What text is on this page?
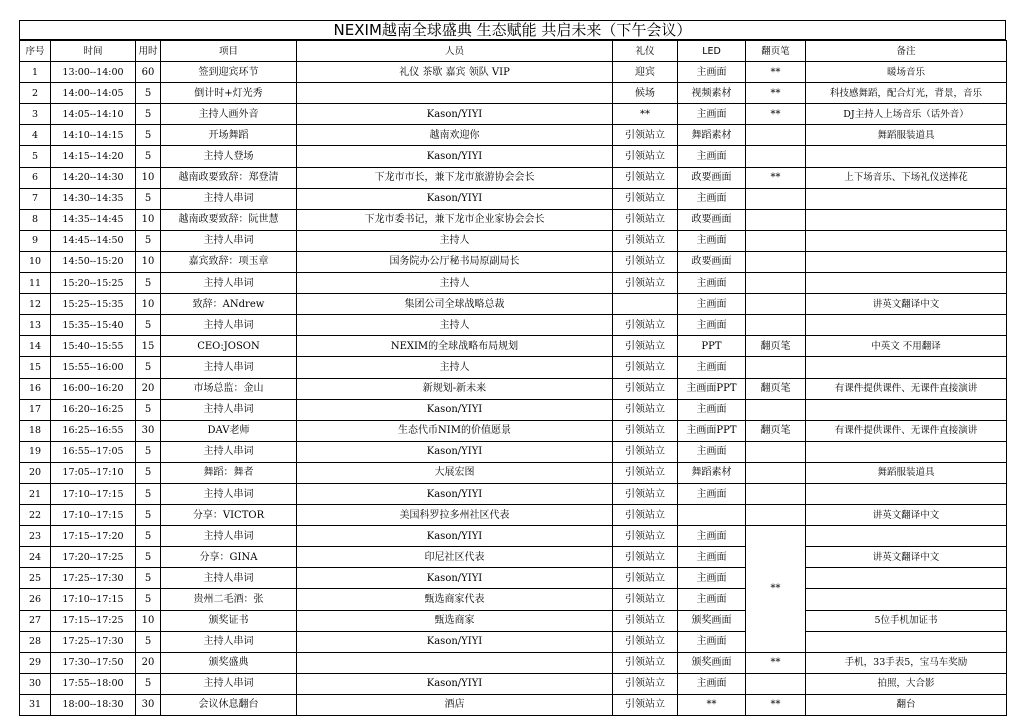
NEXIM越南全球盛典 生态赋能 共启未来（下午会议）
序号	时间	用时	项目	人员	礼仪	LED	翻页笔	备注
1	13:00--14:00	60	签到迎宾环节	礼仪 茶歇 嘉宾 领队 VIP	迎宾	主画面	**	暖场音乐
2	14:00--14:05	5	倒计时+灯光秀		候场	视频素材	**	科技感舞蹈，配合灯光，背景，音乐
3	14:05--14:10	5	主持人画外音	Kason/YIYI	**	主画面	**	DJ主持人上场音乐（话外音）
4	14:10--14:15	5	开场舞蹈	越南欢迎你	引领站立	舞蹈素材		舞蹈服装道具
5	14:15--14:20	5	主持人登场	Kason/YIYI	引领站立	主画面		
6	14:20--14:30	10	越南政要致辞：郑登清	下龙市市长，兼下龙市旅游协会会长	引领站立	政要画面	**	上下场音乐、下场礼仪送捧花
7	14:30--14:35	5	主持人串词	Kason/YIYI	引领站立	主画面		
8	14:35--14:45	10	越南政要致辞：阮世慧	下龙市委书记，兼下龙市企业家协会会长	引领站立	政要画面		
9	14:45--14:50	5	主持人串词	主持人	引领站立	主画面		
10	14:50--15:20	10	嘉宾致辞：项玉章	国务院办公厅秘书局原副局长	引领站立	政要画面		
11	15:20--15:25	5	主持人串词	主持人	引领站立	主画面		
12	15:25--15:35	10	致辞：ANdrew	集团公司全球战略总裁		主画面		讲英文翻译中文
13	15:35--15:40	5	主持人串词	主持人	引领站立	主画面		
14	15:40--15:55	15	CEO:JOSON	NEXIM的全球战略布局规划	引领站立	PPT	翻页笔	中英文 不用翻译
15	15:55--16:00	5	主持人串词	主持人	引领站立	主画面		
16	16:00--16:20	20	市场总监：金山	新规划-新未来	引领站立	主画面PPT	翻页笔	有课件提供课件、无课件直接演讲
17	16:20--16:25	5	主持人串词	Kason/YIYI	引领站立	主画面		
18	16:25--16:55	30	DAV老师	生态代币NIM的价值愿景	引领站立	主画面PPT	翻页笔	有课件提供课件、无课件直接演讲
19	16:55--17:05	5	主持人串词	Kason/YIYI	引领站立	主画面		
20	17:05--17:10	5	舞蹈：舞者	大展宏图	引领站立	舞蹈素材		舞蹈服装道具
21	17:10--17:15	5	主持人串词	Kason/YIYI	引领站立	主画面		
22	17:10--17:15	5	分享：VICTOR	美国科罗拉多州社区代表	引领站立			讲英文翻译中文
23	17:15--17:20	5	主持人串词	Kason/YIYI	引领站立	主画面	**	
24	17:20--17:25	5	分享：GINA	印尼社区代表	引领站立	主画面		讲英文翻译中文
25	17:25--17:30	5	主持人串词	Kason/YIYI	引领站立	主画面		
26	17:10--17:15	5	贵州二毛酒：张	甄选商家代表	引领站立	主画面		
27	17:15--17:25	10	颁奖证书	甄选商家	引领站立	颁奖画面		5位手机加证书
28	17:25--17:30	5	主持人串词	Kason/YIYI	引领站立	主画面		
29	17:30--17:50	20	颁奖盛典		引领站立	颁奖画面	**	手机，33手表5，宝马车奖励
30	17:55--18:00	5	主持人串词	Kason/YIYI	引领站立	主画面		拍照，大合影
31	18:00--18:30	30	会议休息翻台	酒店	引领站立	**	**	翻台
